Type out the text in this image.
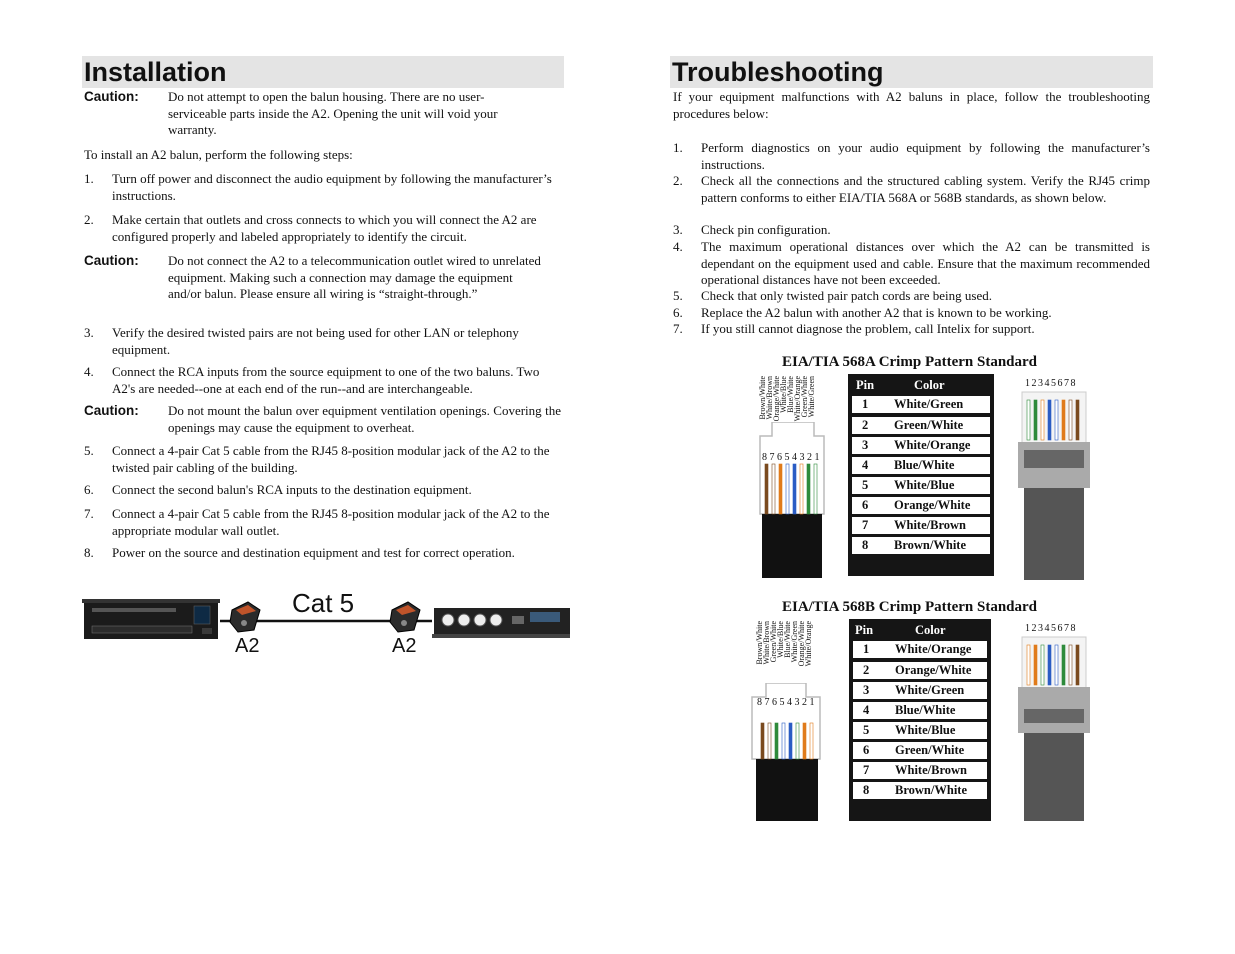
Installation
Caution: Do not attempt to open the balun housing. There are no user-serviceable parts inside the A2. Opening the unit will void your warranty.
To install an A2 balun, perform the following steps:
1. Turn off power and disconnect the audio equipment by following the manufacturer’s instructions.
2. Make certain that outlets and cross connects to which you will connect the A2 are configured properly and labeled appropriately to identify the circuit.
Caution: Do not connect the A2 to a telecommunication outlet wired to unrelated equipment. Making such a connection may damage the equipment and/or balun. Please ensure all wiring is “straight-through.”
3. Verify the desired twisted pairs are not being used for other LAN or telephony equipment.
4. Connect the RCA inputs from the source equipment to one of the two baluns. Two A2's are needed--one at each end of the run--and are interchangeable.
Caution: Do not mount the balun over equipment ventilation openings. Covering the openings may cause the equipment to overheat.
5. Connect a 4-pair Cat 5 cable from the RJ45 8-position modular jack of the A2 to the twisted pair cabling of the building.
6. Connect the second balun's RCA inputs to the destination equipment.
7. Connect a 4-pair Cat 5 cable from the RJ45 8-position modular jack of the A2 to the appropriate modular wall outlet.
8. Power on the source and destination equipment and test for correct operation.
Cat 5
A2	A2
Troubleshooting
If your equipment malfunctions with A2 baluns in place, follow the troubleshooting procedures below:
1. Perform diagnostics on your audio equipment by following the manufacturer’s instructions.
2. Check all the connections and the structured cabling system. Verify the RJ45 crimp pattern conforms to either EIA/TIA 568A or 568B standards, as shown below.
3. Check pin configuration.
4. The maximum operational distances over which the A2 can be transmitted is dependant on the equipment used and cable. Ensure that the maximum recommended operational distances have not been exceeded.
5. Check that only twisted pair patch cords are being used.
6. Replace the A2 balun with another A2 that is known to be working.
7. If you still cannot diagnose the problem, call Intelix for support.
EIA/TIA 568A Crimp Pattern Standard
Brown/White
White/Brown
Orange/White
White/Blue
Blue/White
White/Orange
Green/White
White/Green
8 7 6 5 4 3 2 1
Pin	Color
1 White/Green
2 Green/White
3 White/Orange
4 Blue/White
5 White/Blue
6 Orange/White
7 White/Brown
8 Brown/White
1 2 3 4 5 6 7 8
EIA/TIA 568B Crimp Pattern Standard
Brown/White
White/Brown
Green/White
White/Blue
Blue/White
White/Green
Orange/White
White/Orange
8 7 6 5 4 3 2 1
Pin	Color
1 White/Orange
2 Orange/White
3 White/Green
4 Blue/White
5 White/Blue
6 Green/White
7 White/Brown
8 Brown/White
1 2 3 4 5 6 7 8
